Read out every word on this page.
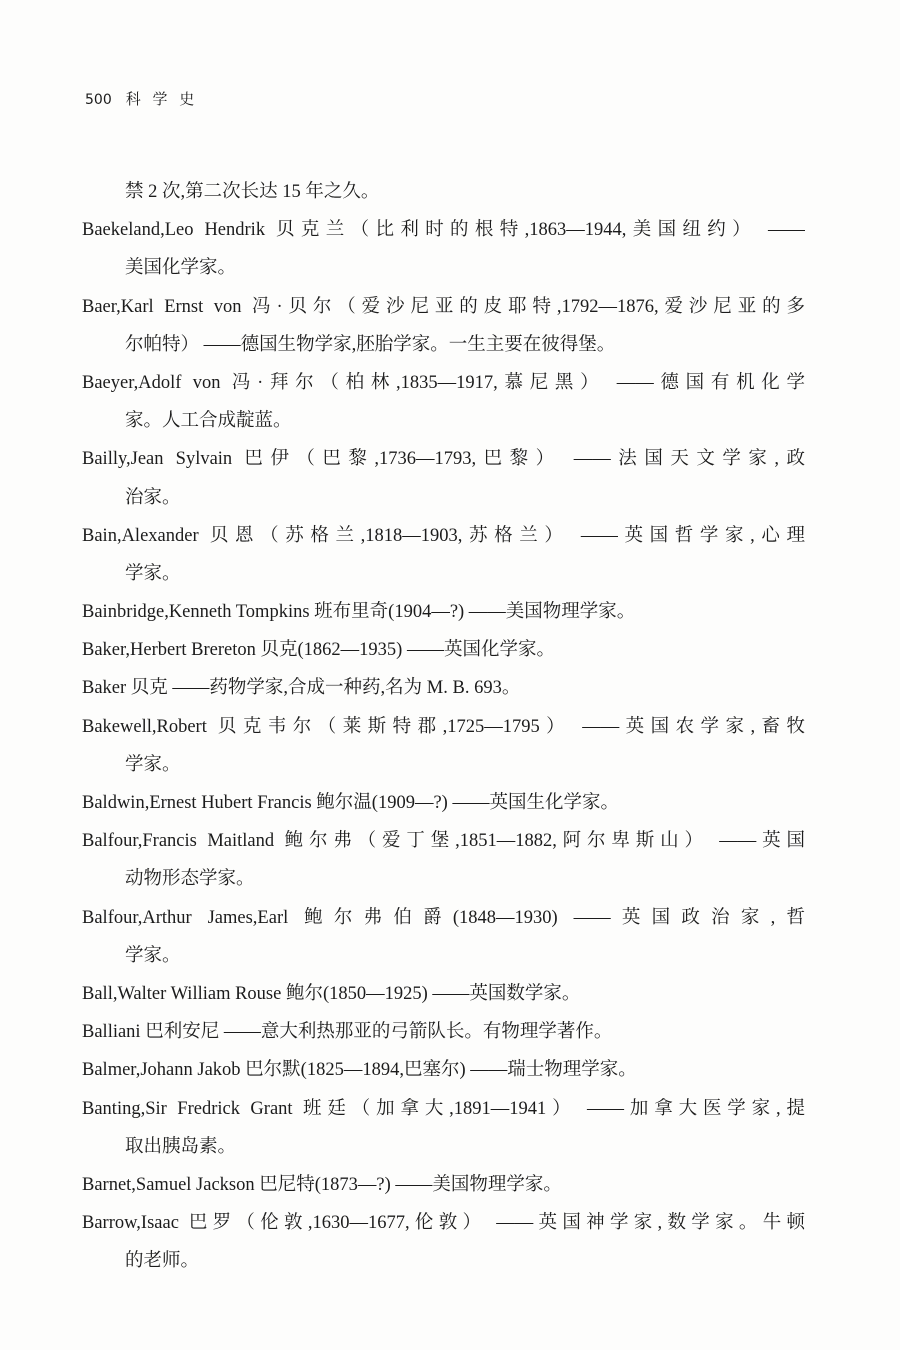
500 科 学 史
禁 2 次,第二次长达 15 年之久。
Baekeland,Leo Hendrik 贝克兰（比利时的根特,1863—1944,美国纽约） ——
美国化学家。
Baer,Karl Ernst von 冯·贝尔（爱沙尼亚的皮耶特,1792—1876,爱沙尼亚的多
尔帕特） ——德国生物学家,胚胎学家。一生主要在彼得堡。
Baeyer,Adolf von 冯·拜尔（柏林,1835—1917,慕尼黑） ——德国有机化学
家。人工合成靛蓝。
Bailly,Jean Sylvain 巴伊（巴黎,1736—1793,巴黎） ——法国天文学家,政
治家。
Bain,Alexander 贝恩（苏格兰,1818—1903,苏格兰） ——英国哲学家,心理
学家。
Bainbridge,Kenneth Tompkins 班布里奇(1904—?) ——美国物理学家。
Baker,Herbert Brereton 贝克(1862—1935) ——英国化学家。
Baker 贝克 ——药物学家,合成一种药,名为 M. B. 693。
Bakewell,Robert 贝克韦尔（莱斯特郡,1725—1795） ——英国农学家,畜牧
学家。
Baldwin,Ernest Hubert Francis 鲍尔温(1909—?) ——英国生化学家。
Balfour,Francis Maitland 鲍尔弗（爱丁堡,1851—1882,阿尔卑斯山） ——英国
动物形态学家。
Balfour,Arthur James,Earl 鲍尔弗伯爵(1848—1930) ——英国政治家,哲
学家。
Ball,Walter William Rouse 鲍尔(1850—1925) ——英国数学家。
Balliani 巴利安尼 ——意大利热那亚的弓箭队长。有物理学著作。
Balmer,Johann Jakob 巴尔默(1825—1894,巴塞尔) ——瑞士物理学家。
Banting,Sir Fredrick Grant 班廷（加拿大,1891—1941） ——加拿大医学家,提
取出胰岛素。
Barnet,Samuel Jackson 巴尼特(1873—?) ——美国物理学家。
Barrow,Isaac 巴罗（伦敦,1630—1677,伦敦） ——英国神学家,数学家。牛顿
的老师。
